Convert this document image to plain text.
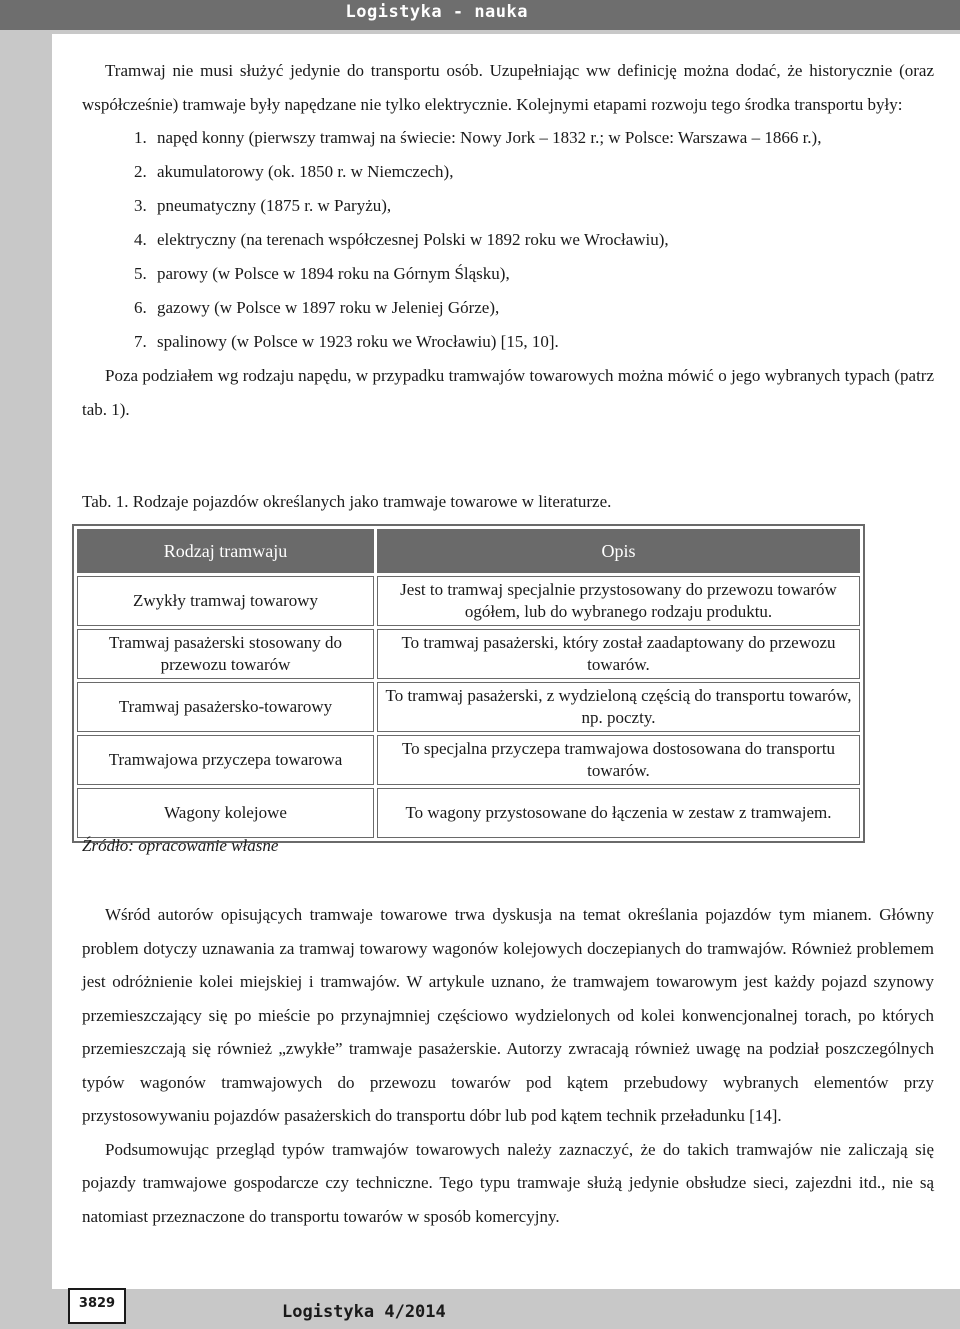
Logistyka - nauka

Tramwaj nie musi służyć jedynie do transportu osób. Uzupełniając ww definicję można dodać, że historycznie (oraz współcześnie) tramwaje były napędzane nie tylko elektrycznie. Kolejnymi etapami rozwoju tego środka transportu były:

1. napęd konny (pierwszy tramwaj na świecie: Nowy Jork – 1832 r.; w Polsce: Warszawa – 1866 r.),
2. akumulatorowy (ok. 1850 r. w Niemczech),
3. pneumatyczny (1875 r. w Paryżu),
4. elektryczny (na terenach współczesnej Polski w 1892 roku we Wrocławiu),
5. parowy (w Polsce w 1894 roku na Górnym Śląsku),
6. gazowy (w Polsce w 1897 roku w Jeleniej Górze),
7. spalinowy (w Polsce w 1923 roku we Wrocławiu) [15, 10].

Poza podziałem wg rodzaju napędu, w przypadku tramwajów towarowych można mówić o jego wybranych typach (patrz tab. 1).

Tab. 1. Rodzaje pojazdów określanych jako tramwaje towarowe w literaturze.
Rodzaj tramwaju	Opis
Zwykły tramwaj towarowy	Jest to tramwaj specjalnie przystosowany do przewozu towarów ogółem, lub do wybranego rodzaju produktu.
Tramwaj pasażerski stosowany do przewozu towarów	To tramwaj pasażerski, który został zaadaptowany do przewozu towarów.
Tramwaj pasażersko-towarowy	To tramwaj pasażerski, z wydzieloną częścią do transportu towarów, np. poczty.
Tramwajowa przyczepa towarowa	To specjalna przyczepa tramwajowa dostosowana do transportu towarów.
Wagony kolejowe	To wagony przystosowane do łączenia w zestaw z tramwajem.
Źródło: opracowanie własne

Wśród autorów opisujących tramwaje towarowe trwa dyskusja na temat określania pojazdów tym mianem. Główny problem dotyczy uznawania za tramwaj towarowy wagonów kolejowych doczepianych do tramwajów. Również problemem jest odróżnienie kolei miejskiej i tramwajów. W artykule uznano, że tramwajem towarowym jest każdy pojazd szynowy przemieszczający się po mieście po przynajmniej częściowo wydzielonych od kolei konwencjonalnej torach, po których przemieszczają się również „zwykłe” tramwaje pasażerskie. Autorzy zwracają również uwagę na podział poszczególnych typów wagonów tramwajowych do przewozu towarów pod kątem przebudowy wybranych elementów przy przystosowywaniu pojazdów pasażerskich do transportu dóbr lub pod kątem technik przeładunku [14].

Podsumowując przegląd typów tramwajów towarowych należy zaznaczyć, że do takich tramwajów nie zaliczają się pojazdy tramwajowe gospodarcze czy techniczne. Tego typu tramwaje służą jedynie obsłudze sieci, zajezdni itd., nie są natomiast przeznaczone do transportu towarów w sposób komercyjny.

3829	Logistyka 4/2014
